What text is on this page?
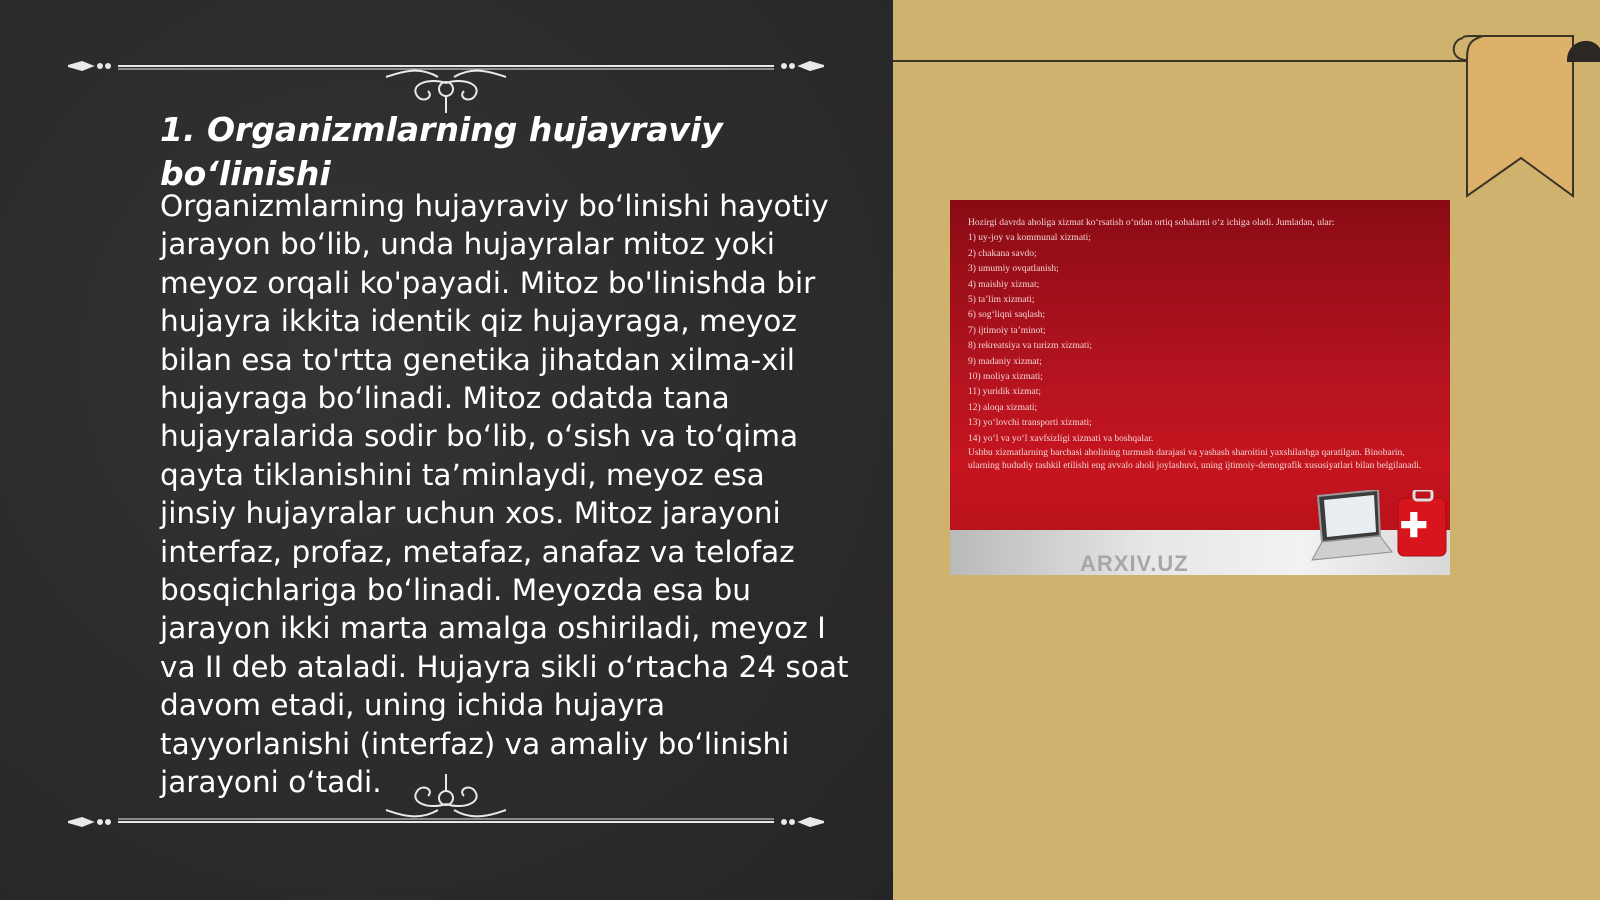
1. Organizmlarning hujayraviy bo‘linishi

Organizmlarning hujayraviy bo‘linishi hayotiy jarayon bo‘lib, unda hujayralar mitoz yoki meyoz orqali ko'payadi. Mitoz bo'linishda bir hujayra ikkita identik qiz hujayraga, meyoz bilan esa to'rtta genetika jihatdan xilma-xil hujayraga bo‘linadi. Mitoz odatda tana hujayralarida sodir bo‘lib, o‘sish va to‘qima qayta tiklanishini ta’minlaydi, meyoz esa jinsiy hujayralar uchun xos. Mitoz jarayoni interfaz, profaz, metafaz, anafaz va telofaz bosqichlariga bo‘linadi. Meyozda esa bu jarayon ikki marta amalga oshiriladi, meyoz I va II deb ataladi. Hujayra sikli o‘rtacha 24 soat davom etadi, uning ichida hujayra tayyorlanishi (interfaz) va amaliy bo‘linishi jarayoni o‘tadi.

Hozirgi davrda aholiga xizmat ko‘rsatish o‘ndan ortiq sohalarni o‘z ichiga oladi. Jumladan, ular:
1) uy-joy va kommunal xizmati;
2) chakana savdo;
3) umumiy ovqatlanish;
4) maishiy xizmat;
5) ta’lim xizmati;
6) sog‘liqni saqlash;
7) ijtimoiy ta’minot;
8) rekreatsiya va turizm xizmati;
9) madaniy xizmat;
10) moliya xizmati;
11) yuridik xizmat;
12) aloqa xizmati;
13) yo‘lovchi transporti xizmati;
14) yo‘l va yo‘l xavfsizligi xizmati va boshqalar.
Ushbu xizmatlarning barchasi aholining turmush darajasi va yashash sharoitini yaxshilashga qaratilgan. Binobarin, ularning hududiy tashkil etilishi eng avvalo aholi joylashuvi, uning ijtimoiy-demografik xususiyatlari bilan belgilanadi.
ARXIV.UZ
